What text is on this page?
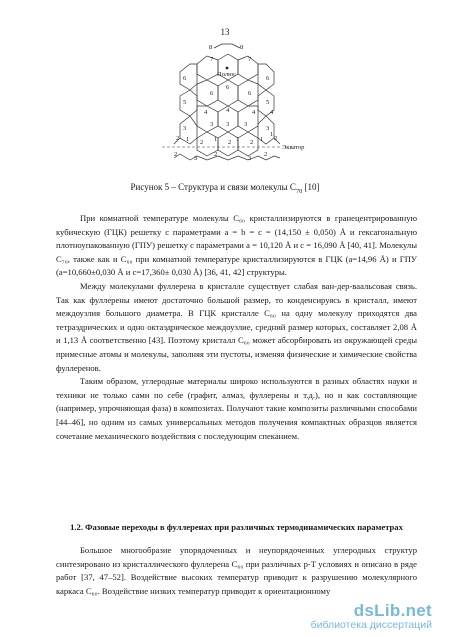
13
Полюс
Экватор
8
7	7
8
6	6
6
6
6
5	5
4	4	4 4
3
3 3 3
3
2
2	2	2
2
1	1	1	1
1
2
3
2
3
2
Рисунок 5 – Структура и связи молекулы $C_{70}$ [10]

При комнатной температуре молекулы C₆₀ кристаллизируются в гранецентрированную кубическую (ГЦК) решетку с параметрами a = b = c = (14,150 ± 0,050) Å и гексагональную плотноупакованную (ГПУ) решетку с параметрами a = 10,120 Å и c = 16,090 Å [40, 41]. Молекулы C₇₀, также как и C₆₀ при комнатной температуре кристаллизируются в ГЦК (a=14,96 Å) и ГПУ (a=10,660±0,030 Å и c=17,360± 0,030 Å) [36, 41, 42] структуры.

Между молекулами фуллерена в кристалле существует слабая ван-дер-ваальсовая связь. Так как фуллерены имеют достаточно большой размер, то конденсируясь в кристалл, имеют междоузлия большого диаметра. В ГЦК кристалле C₆₀ на одну молекулу приходятся два тетраэдрических и одно октаэдрическое междоузлие, средний размер которых, составляет 2,08 Å и 1,13 Å соответственно [43]. Поэтому кристалл C₆₀ может абсорбировать из окружающей среды примесные атомы и молекулы, заполняя эти пустоты, изменяя физические и химические свойства фуллеренов.

Таким образом, углеродные материалы широко используются в разных областях науки и техники не только сами по себе (графит, алмаз, фуллерены и т.д.), но и как составляющие (например, упрочняющая фаза) в композитах. Получают такие композиты различными способами [44–46], но одним из самых универсальных методов получения компактных образцов является сочетание механического воздействия с последующим спеканием.

1.2. Фазовые переходы в фуллеренах при различных термодинамических параметрах

Большое многообразие упорядоченных и неупорядоченных углеродных структур синтезировано из кристаллического фуллерена C₆₀ при различных p-T условиях и описано в ряде работ [37, 47–52]. Воздействие высоких температур приводит к разрушению молекулярного каркаса C₆₀. Воздействие низких температур приводит к ориентационному

dsLib.net
библиотека диссертаций
